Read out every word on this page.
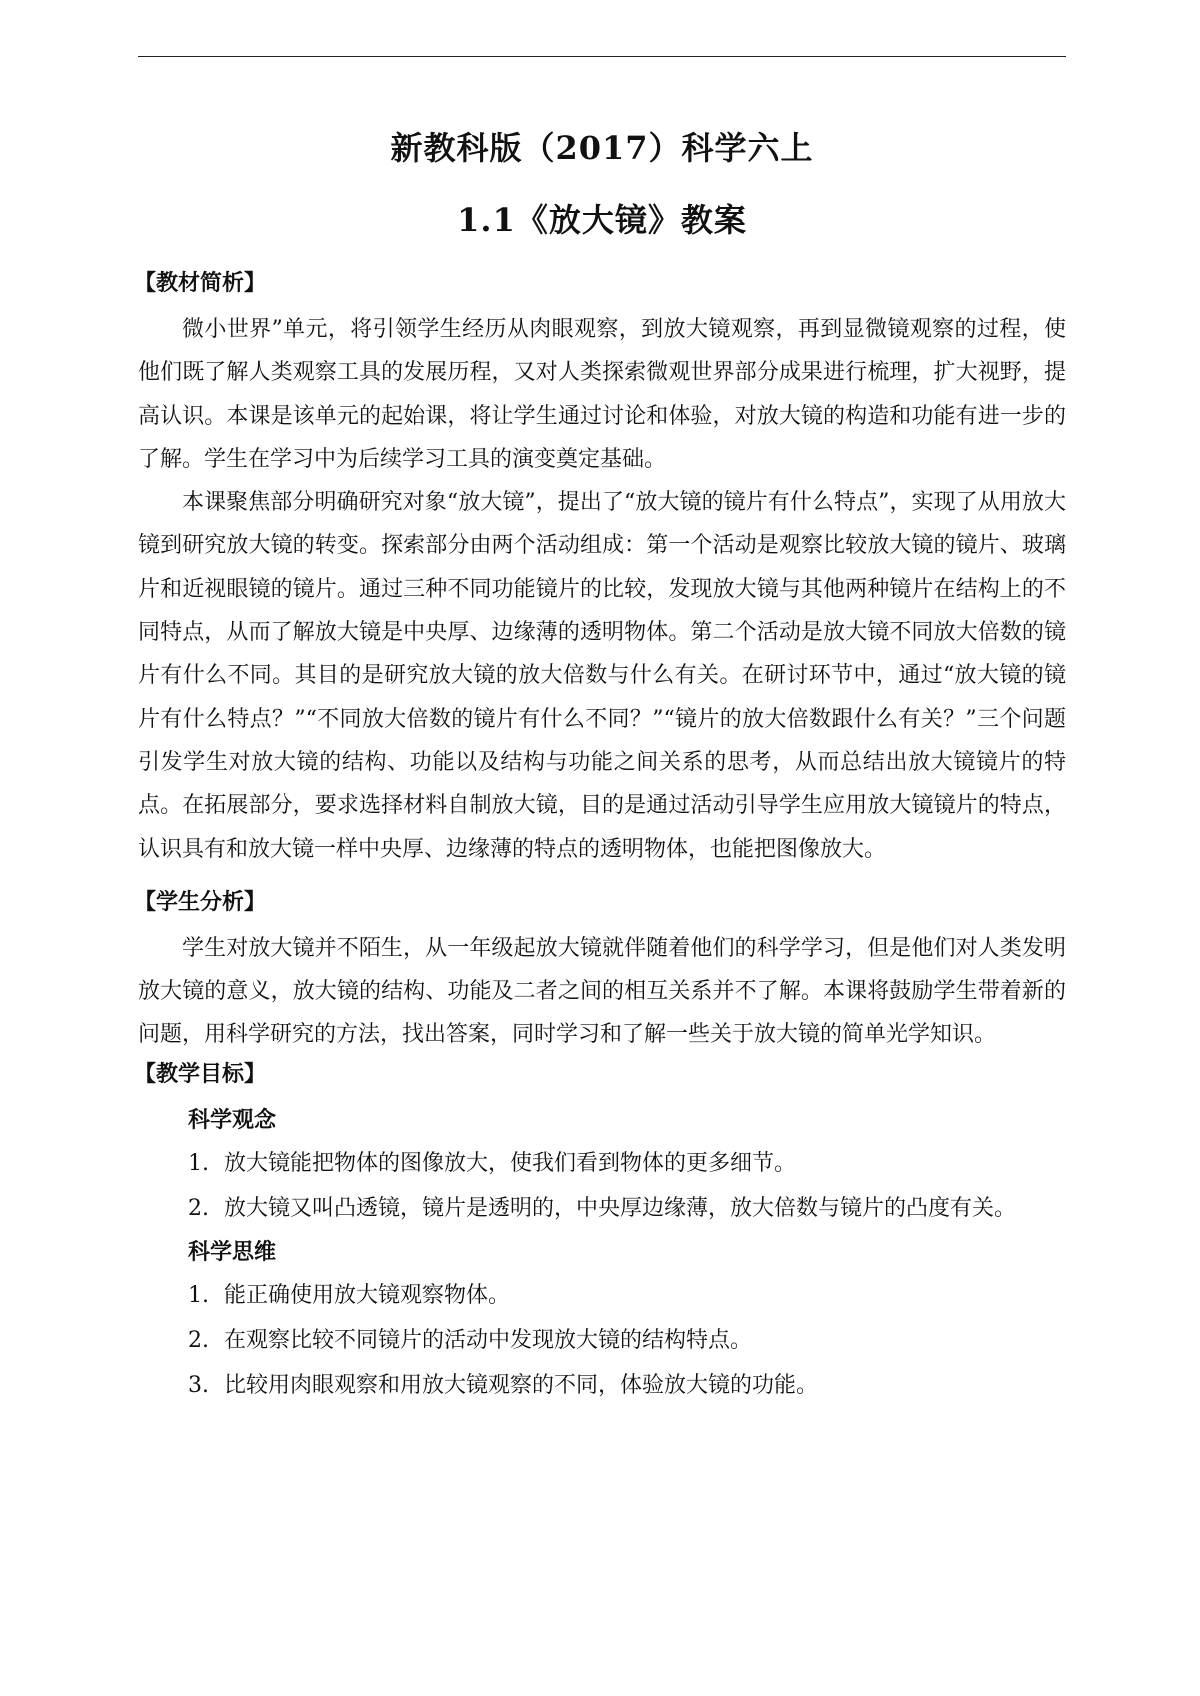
新教科版（2017）科学六上
1.1《放大镜》教案
【教材简析】

微小世界”单元，将引领学生经历从肉眼观察，到放大镜观察，再到显微镜观察的过程，使他们既了解人类观察工具的发展历程，又对人类探索微观世界部分成果进行梳理，扩大视野，提高认识。本课是该单元的起始课，将让学生通过讨论和体验，对放大镜的构造和功能有进一步的了解。学生在学习中为后续学习工具的演变奠定基础。

本课聚焦部分明确研究对象“放大镜”，提出了“放大镜的镜片有什么特点”，实现了从用放大镜到研究放大镜的转变。探索部分由两个活动组成：第一个活动是观察比较放大镜的镜片、玻璃片和近视眼镜的镜片。通过三种不同功能镜片的比较，发现放大镜与其他两种镜片在结构上的不同特点，从而了解放大镜是中央厚、边缘薄的透明物体。第二个活动是放大镜不同放大倍数的镜片有什么不同。其目的是研究放大镜的放大倍数与什么有关。在研讨环节中，通过“放大镜的镜片有什么特点？”“不同放大倍数的镜片有什么不同？”“镜片的放大倍数跟什么有关？”三个问题引发学生对放大镜的结构、功能以及结构与功能之间关系的思考，从而总结出放大镜镜片的特点。在拓展部分，要求选择材料自制放大镜，目的是通过活动引导学生应用放大镜镜片的特点，认识具有和放大镜一样中央厚、边缘薄的特点的透明物体，也能把图像放大。

【学生分析】

学生对放大镜并不陌生，从一年级起放大镜就伴随着他们的科学学习，但是他们对人类发明放大镜的意义，放大镜的结构、功能及二者之间的相互关系并不了解。本课将鼓励学生带着新的问题，用科学研究的方法，找出答案，同时学习和了解一些关于放大镜的简单光学知识。

【教学目标】
科学观念
1. 放大镜能把物体的图像放大，使我们看到物体的更多细节。
2. 放大镜又叫凸透镜，镜片是透明的，中央厚边缘薄，放大倍数与镜片的凸度有关。
科学思维
1. 能正确使用放大镜观察物体。
2. 在观察比较不同镜片的活动中发现放大镜的结构特点。
3. 比较用肉眼观察和用放大镜观察的不同，体验放大镜的功能。
